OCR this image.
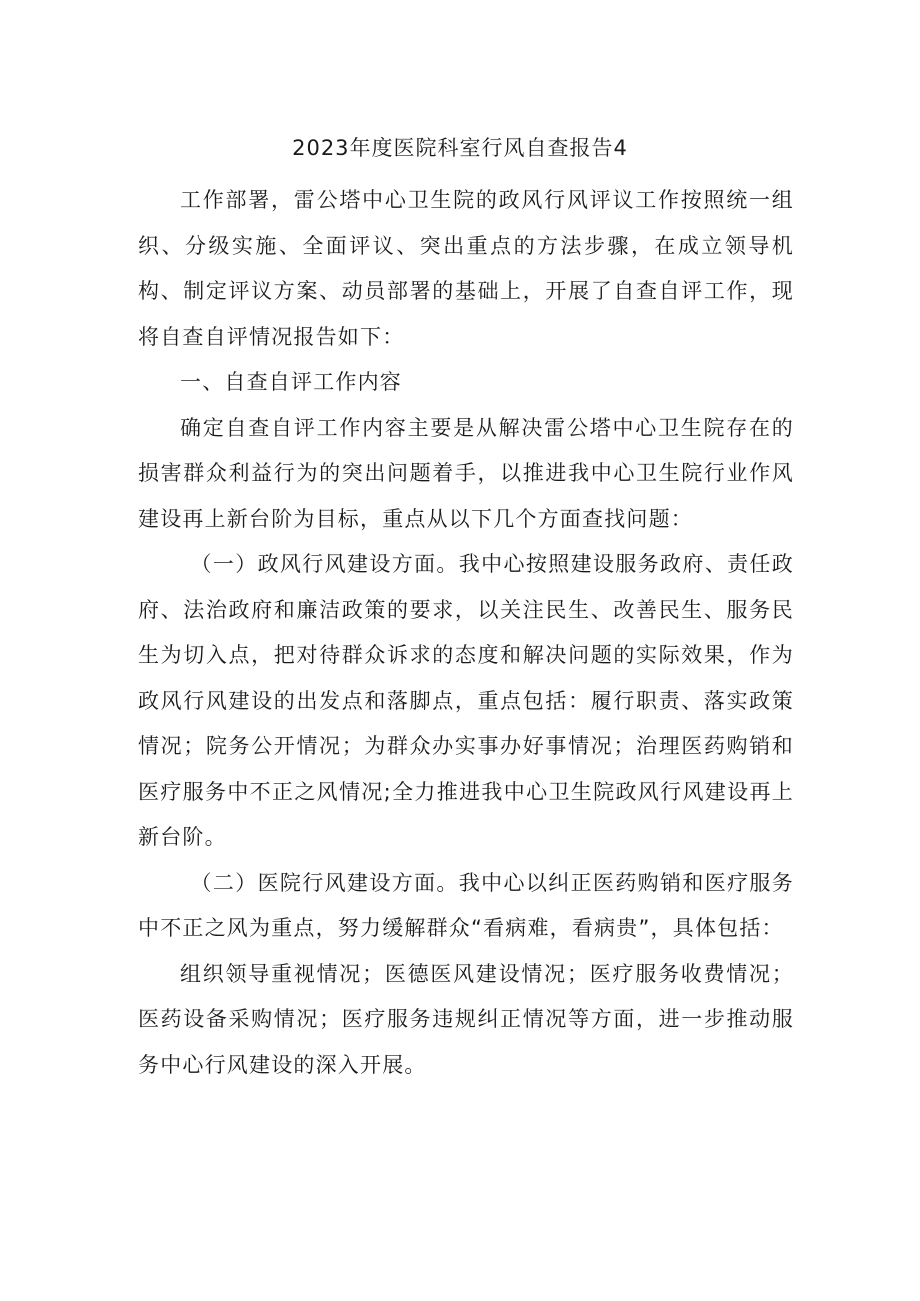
2023年度医院科室行风自查报告4

工作部署，雷公塔中心卫生院的政风行风评议工作按照统一组织、分级实施、全面评议、突出重点的方法步骤，在成立领导机构、制定评议方案、动员部署的基础上，开展了自查自评工作，现将自查自评情况报告如下：

一、自查自评工作内容

确定自查自评工作内容主要是从解决雷公塔中心卫生院存在的损害群众利益行为的突出问题着手，以推进我中心卫生院行业作风建设再上新台阶为目标，重点从以下几个方面查找问题：

（一）政风行风建设方面。我中心按照建设服务政府、责任政府、法治政府和廉洁政策的要求，以关注民生、改善民生、服务民生为切入点，把对待群众诉求的态度和解决问题的实际效果，作为政风行风建设的出发点和落脚点，重点包括：履行职责、落实政策情况；院务公开情况；为群众办实事办好事情况；治理医药购销和医疗服务中不正之风情况;全力推进我中心卫生院政风行风建设再上新台阶。

（二）医院行风建设方面。我中心以纠正医药购销和医疗服务中不正之风为重点，努力缓解群众“看病难，看病贵”，具体包括：

组织领导重视情况；医德医风建设情况；医疗服务收费情况；医药设备采购情况；医疗服务违规纠正情况等方面，进一步推动服务中心行风建设的深入开展。
